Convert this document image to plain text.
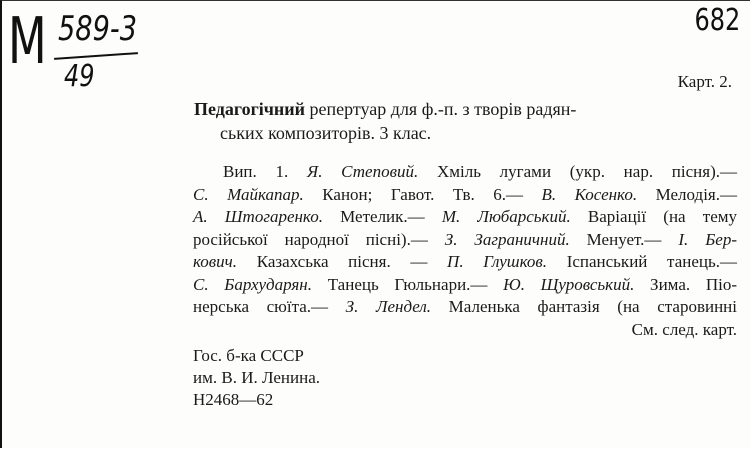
М 589-3
49
682
Карт. 2.
Педагогічний репертуар для ф.-п. з творів радян-
ських композиторів. 3 клас.
Вип. 1. Я. Степовий. Хміль лугами (укр. нар. пісня).—
С. Майкапар. Канон; Гавот. Тв. 6.— В. Косенко. Мелодія.—
А. Штогаренко. Метелик.— М. Любарський. Варіації (на тему
російської народної пісні).— З. Заграничний. Менует.— І. Бер-
кович. Казахська пісня. — П. Глушков. Іспанський танець.—
С. Бархударян. Танець Гюльнари.— Ю. Щуровський. Зима. Піо-
нерська сюїта.— З. Лендел. Маленька фантазія (на старовинні
См. след. карт.
Гос. б-ка СССР
им. В. И. Ленина.
Н2468—62
